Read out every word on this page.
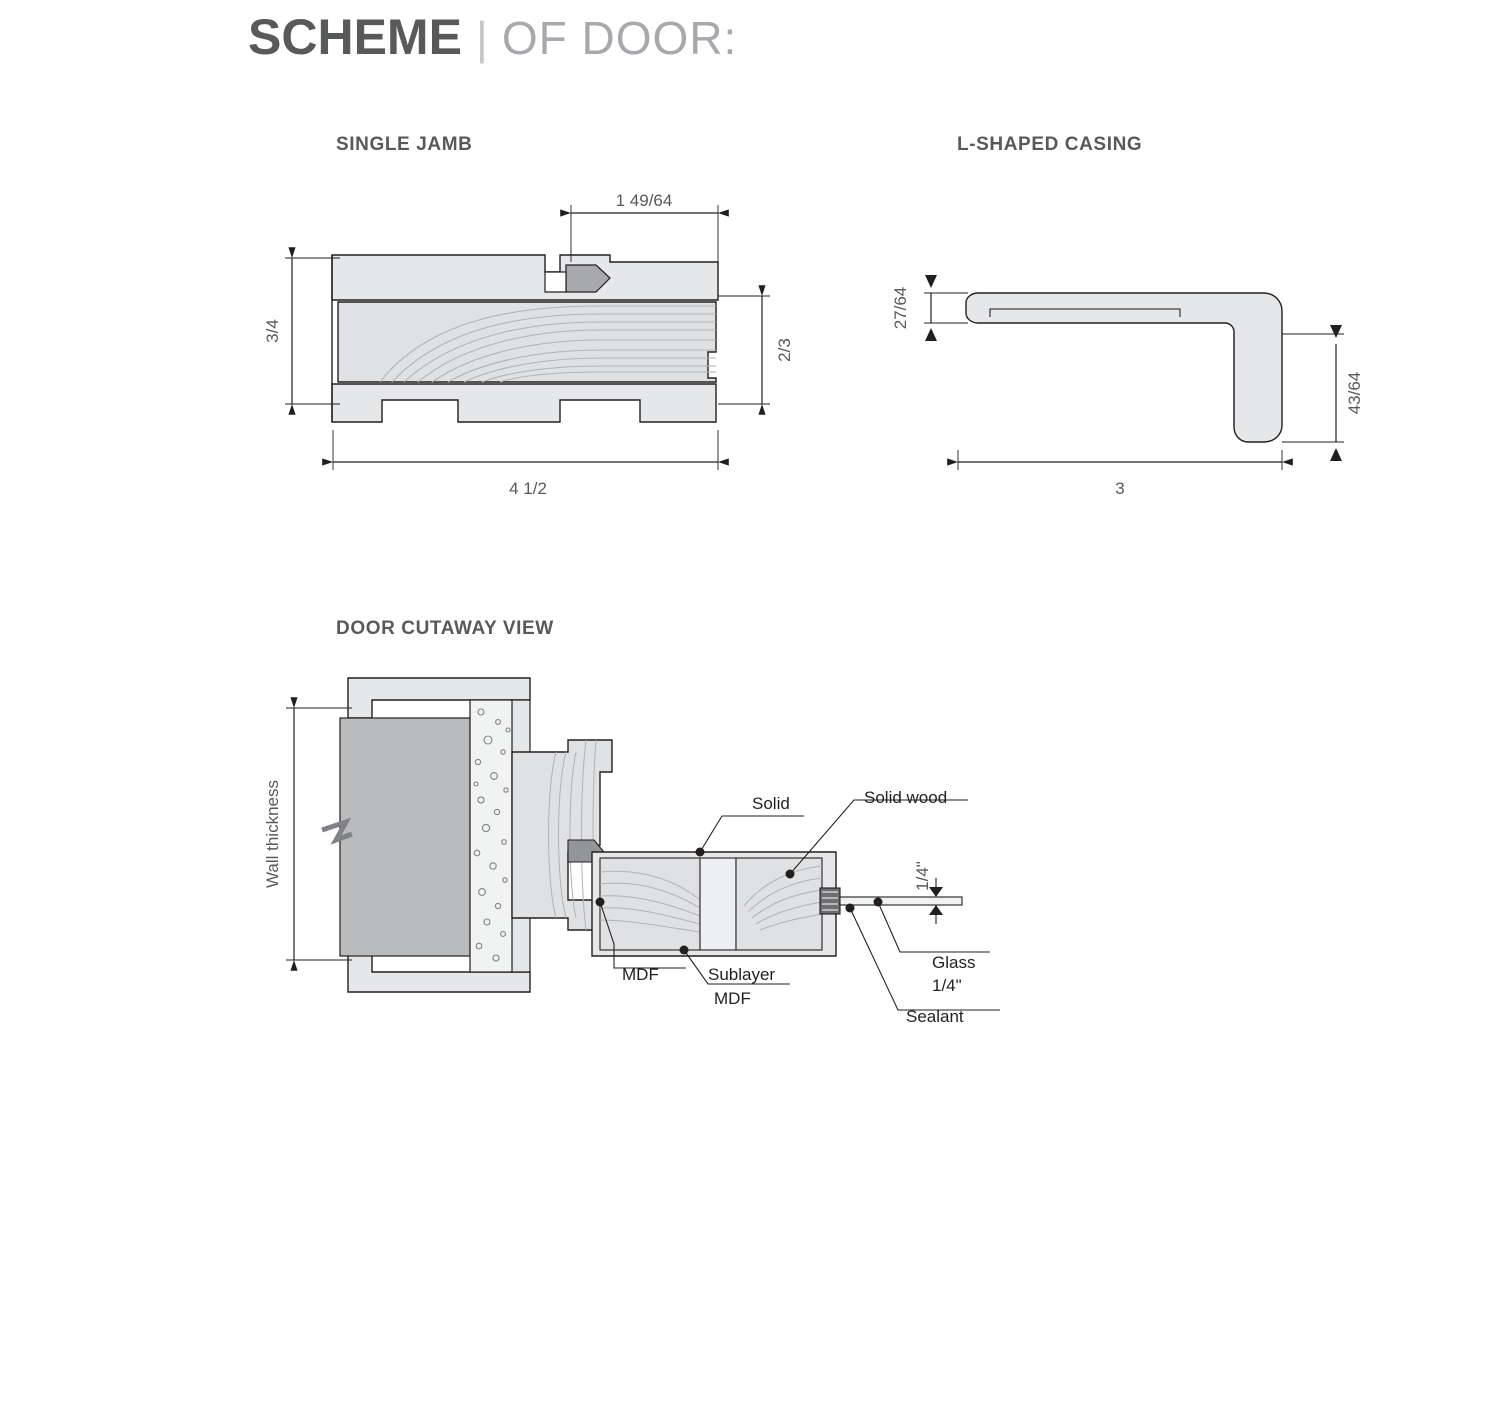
SCHEME | OF DOOR:
SINGLE JAMB	L-SHAPED CASING
DOOR CUTAWAY VIEW
1 49/64
3/4
2/3
4 1/2
27/64
43/64
3
1/4"
Wall thickness	Solid	Solid wood
MDF	Sublayer
MDF
Glass
1/4"
Sealant
